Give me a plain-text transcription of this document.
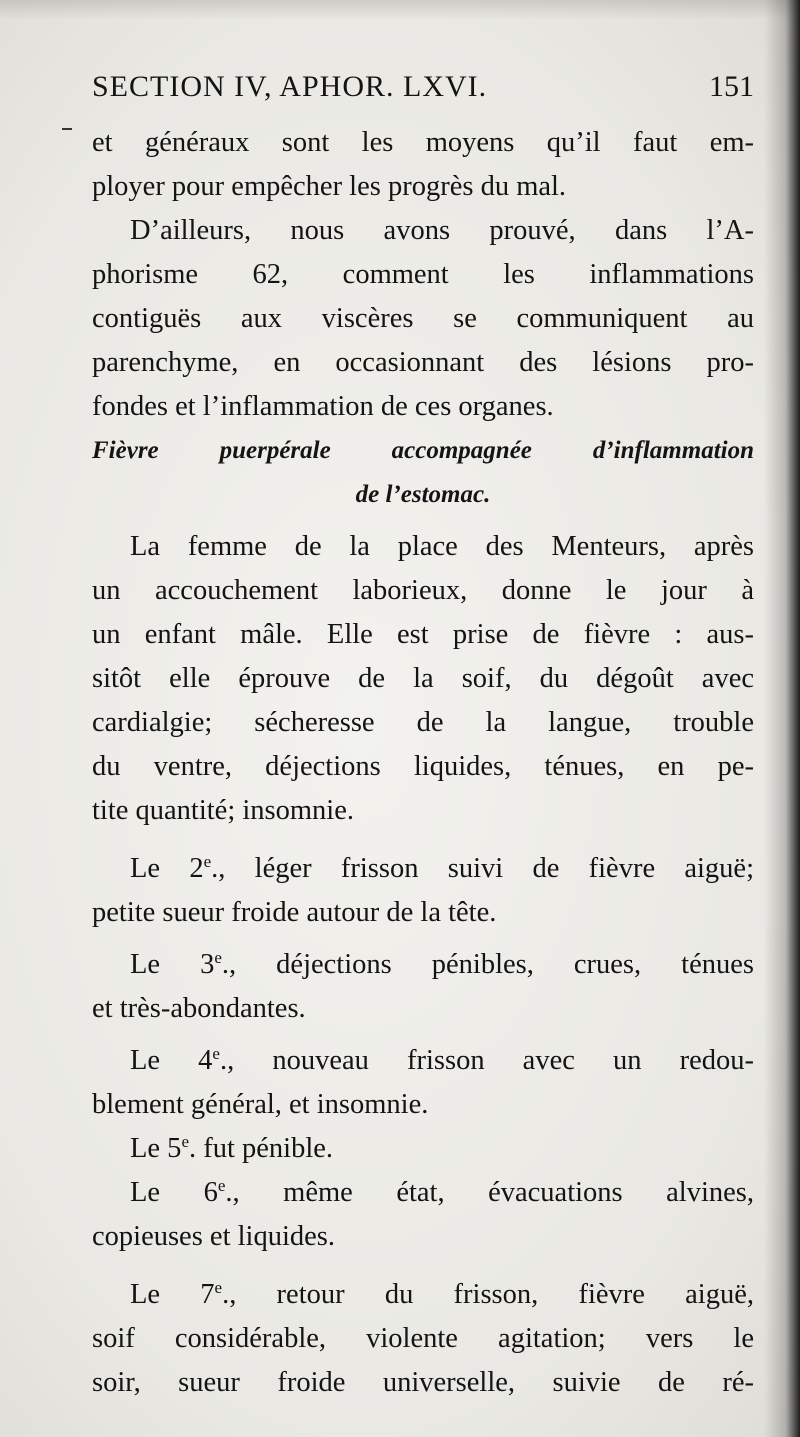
SECTION IV, APHOR. LXVI.	151
et généraux sont les moyens qu’il faut em-
ployer pour empêcher les progrès du mal.
D’ailleurs, nous avons prouvé, dans l’A-
phorisme 62, comment les inflammations
contiguës aux viscères se communiquent au
parenchyme, en occasionnant des lésions pro-
fondes et l’inflammation de ces organes.
Fièvre puerpérale accompagnée d’inflammation
de l’estomac.
La femme de la place des Menteurs, après
un accouchement laborieux, donne le jour à
un enfant mâle. Elle est prise de fièvre : aus-
sitôt elle éprouve de la soif, du dégoût avec
cardialgie; sécheresse de la langue, trouble
du ventre, déjections liquides, ténues, en pe-
tite quantité; insomnie.
Le 2e., léger frisson suivi de fièvre aiguë;
petite sueur froide autour de la tête.
Le 3e., déjections pénibles, crues, ténues
et très-abondantes.
Le 4e., nouveau frisson avec un redou-
blement général, et insomnie.
Le 5e. fut pénible.
Le 6e., même état, évacuations alvines,
copieuses et liquides.
Le 7e., retour du frisson, fièvre aiguë,
soif considérable, violente agitation; vers le
soir, sueur froide universelle, suivie de ré-
